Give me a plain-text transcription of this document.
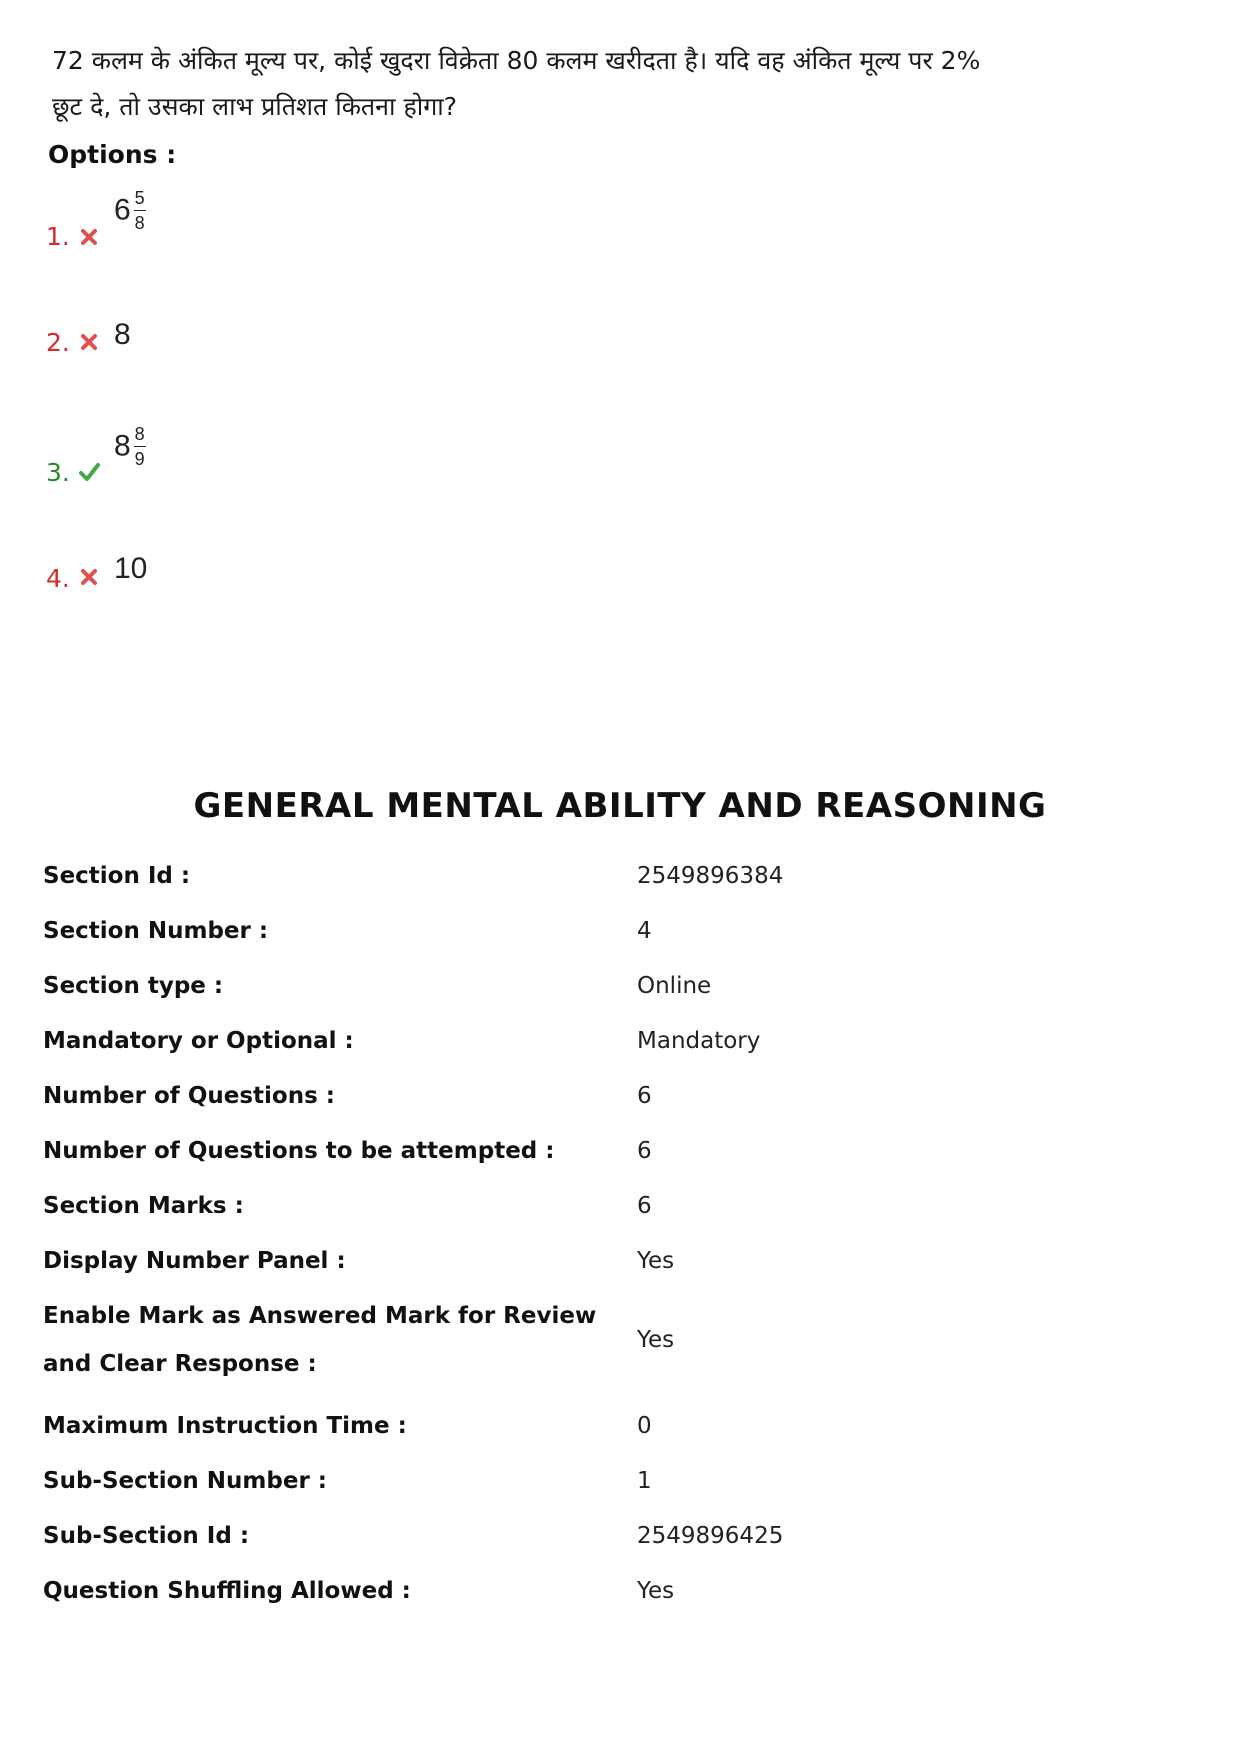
72 कलम के अंकित मूल्य पर, कोई खुदरा विक्रेता 80 कलम खरीदता है। यदि वह अंकित मूल्य पर 2% छूट दे, तो उसका लाभ प्रतिशत कितना होगा?
Options :
1.
$6 \frac{5}{8}$
2. 8
3.
$8 \frac{8}{9}$
4. 10
GENERAL MENTAL ABILITY AND REASONING
Section Id :	2549896384
Section Number :	4
Section type :	Online
Mandatory or Optional :	Mandatory
Number of Questions :	6
Number of Questions to be attempted :	6
Section Marks :	6
Display Number Panel :	Yes
Enable Mark as Answered Mark for Review and Clear Response :
Yes
Maximum Instruction Time :	0
Sub-Section Number :	1
Sub-Section Id :	2549896425
Question Shuffling Allowed :	Yes
